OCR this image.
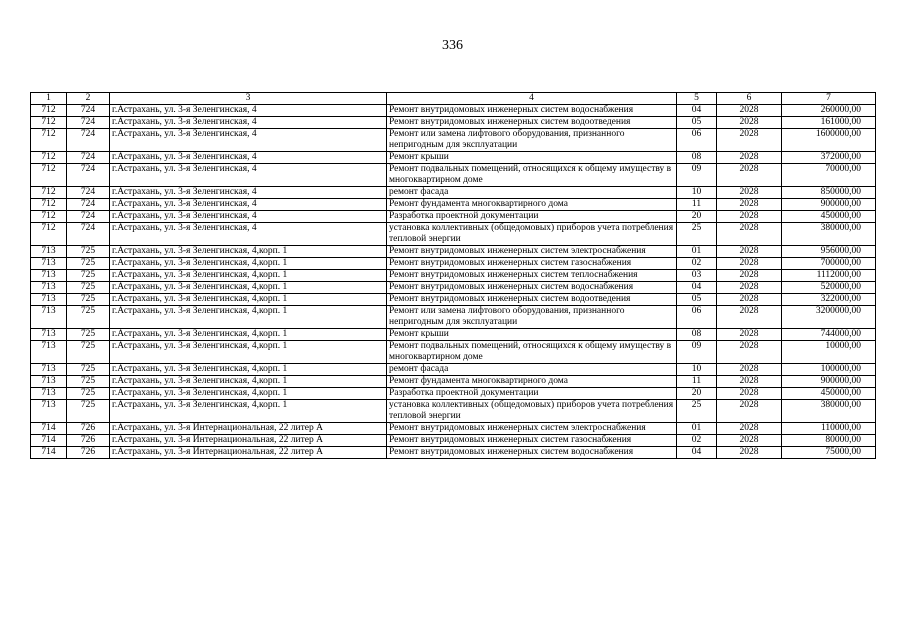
336
1	2	3	4	5	6	7
712	724	г.Астрахань, ул. 3-я Зеленгинская, 4	Ремонт внутридомовых инженерных систем водоснабжения	04	2028	260000,00
712	724	г.Астрахань, ул. 3-я Зеленгинская, 4	Ремонт внутридомовых инженерных систем водоотведения	05	2028	161000,00
712	724	г.Астрахань, ул. 3-я Зеленгинская, 4	Ремонт или замена лифтового оборудования, признанного непригодным для эксплуатации	06	2028	1600000,00
712	724	г.Астрахань, ул. 3-я Зеленгинская, 4	Ремонт крыши	08	2028	372000,00
712	724	г.Астрахань, ул. 3-я Зеленгинская, 4	Ремонт подвальных помещений, относящихся к общему имуществу в многоквартирном доме	09	2028	70000,00
712	724	г.Астрахань, ул. 3-я Зеленгинская, 4	ремонт фасада	10	2028	850000,00
712	724	г.Астрахань, ул. 3-я Зеленгинская, 4	Ремонт фундамента многоквартирного дома	11	2028	900000,00
712	724	г.Астрахань, ул. 3-я Зеленгинская, 4	Разработка проектной документации	20	2028	450000,00
712	724	г.Астрахань, ул. 3-я Зеленгинская, 4	установка коллективных (общедомовых) приборов учета потребления тепловой энергии	25	2028	380000,00
713	725	г.Астрахань, ул. 3-я Зеленгинская, 4,корп. 1	Ремонт внутридомовых инженерных систем электроснабжения	01	2028	956000,00
713	725	г.Астрахань, ул. 3-я Зеленгинская, 4,корп. 1	Ремонт внутридомовых инженерных систем газоснабжения	02	2028	700000,00
713	725	г.Астрахань, ул. 3-я Зеленгинская, 4,корп. 1	Ремонт внутридомовых инженерных систем теплоснабжения	03	2028	1112000,00
713	725	г.Астрахань, ул. 3-я Зеленгинская, 4,корп. 1	Ремонт внутридомовых инженерных систем водоснабжения	04	2028	520000,00
713	725	г.Астрахань, ул. 3-я Зеленгинская, 4,корп. 1	Ремонт внутридомовых инженерных систем водоотведения	05	2028	322000,00
713	725	г.Астрахань, ул. 3-я Зеленгинская, 4,корп. 1	Ремонт или замена лифтового оборудования, признанного непригодным для эксплуатации	06	2028	3200000,00
713	725	г.Астрахань, ул. 3-я Зеленгинская, 4,корп. 1	Ремонт крыши	08	2028	744000,00
713	725	г.Астрахань, ул. 3-я Зеленгинская, 4,корп. 1	Ремонт подвальных помещений, относящихся к общему имуществу в многоквартирном доме	09	2028	10000,00
713	725	г.Астрахань, ул. 3-я Зеленгинская, 4,корп. 1	ремонт фасада	10	2028	100000,00
713	725	г.Астрахань, ул. 3-я Зеленгинская, 4,корп. 1	Ремонт фундамента многоквартирного дома	11	2028	900000,00
713	725	г.Астрахань, ул. 3-я Зеленгинская, 4,корп. 1	Разработка проектной документации	20	2028	450000,00
713	725	г.Астрахань, ул. 3-я Зеленгинская, 4,корп. 1	установка коллективных (общедомовых) приборов учета потребления тепловой энергии	25	2028	380000,00
714	726	г.Астрахань, ул. 3-я Интернациональная, 22 литер А	Ремонт внутридомовых инженерных систем электроснабжения	01	2028	110000,00
714	726	г.Астрахань, ул. 3-я Интернациональная, 22 литер А	Ремонт внутридомовых инженерных систем газоснабжения	02	2028	80000,00
714	726	г.Астрахань, ул. 3-я Интернациональная, 22 литер А	Ремонт внутридомовых инженерных систем водоснабжения	04	2028	75000,00
